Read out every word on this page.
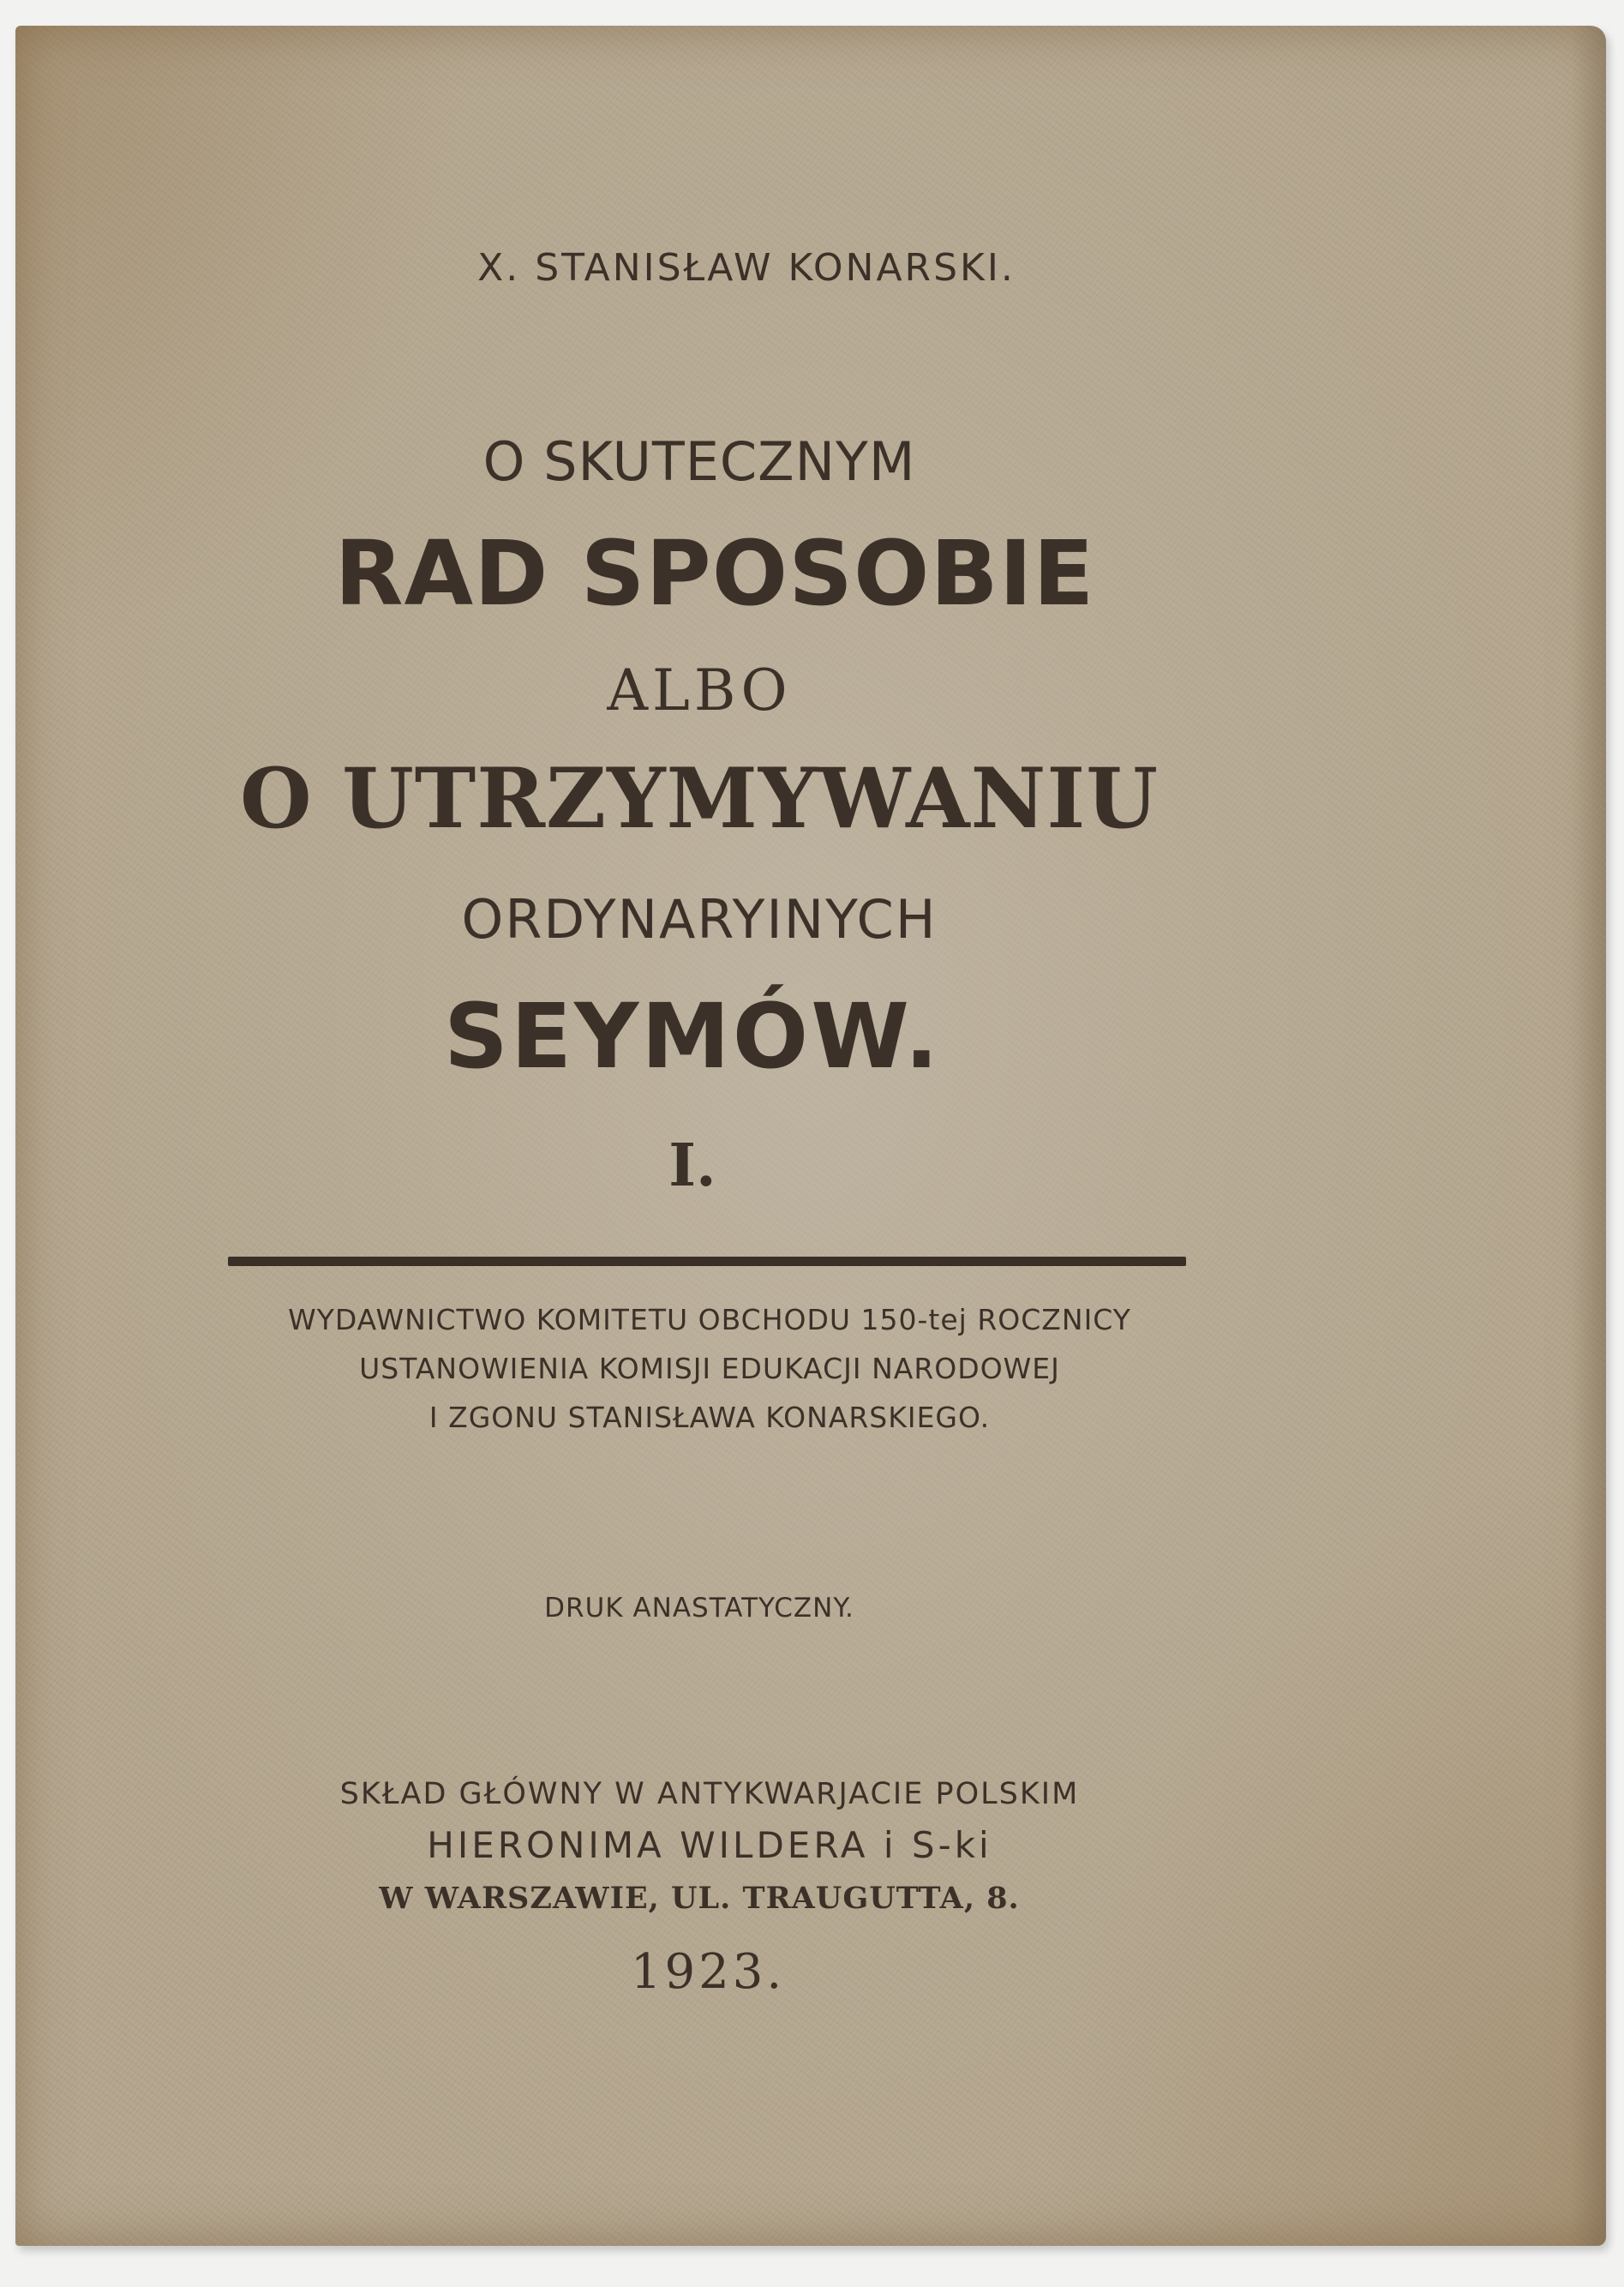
X. STANISŁAW KONARSKI.
O SKUTECZNYM
RAD SPOSOBIE
ALBO
O UTRZYMYWANIU
ORDYNARYINYCH
SEYMÓW.
I.
WYDAWNICTWO KOMITETU OBCHODU 150-tej ROCZNICY
USTANOWIENIA KOMISJI EDUKACJI NARODOWEJ
I ZGONU STANISŁAWA KONARSKIEGO.
DRUK ANASTATYCZNY.
SKŁAD GŁÓWNY W ANTYKWARJACIE POLSKIM
HIERONIMA WILDERA i S-ki
W WARSZAWIE, UL. TRAUGUTTA, 8.
1923.
